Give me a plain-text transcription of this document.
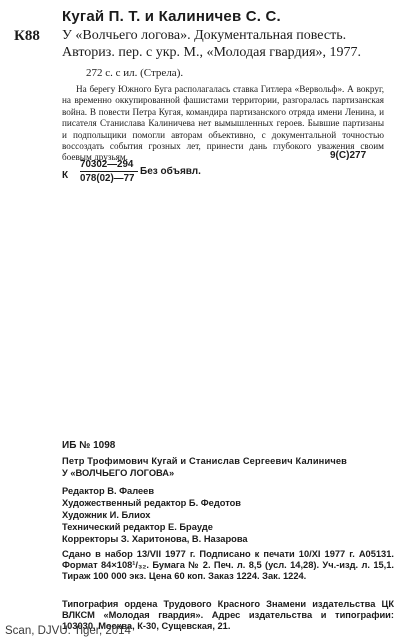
Кугай П. Т. и Калиничев С. С.
К88 У «Волчьего логова». Документальная повесть. Авториз. пер. с укр. М., «Молодая гвардия», 1977.
272 с. с ил. (Стрела).
На берегу Южного Буга располагалась ставка Гитлера «Вервольф». А вокруг, на временно оккупированной фашистами территории, разгоралась партизанская война. В повести Петра Кугая, командира партизанского отряда имени Ленина, и писателя Станислава Калиничева нет вымышленных героев. Бывшие партизаны и подпольщики помогли авторам объективно, с документальной точностью воссоздать события грозных лет, принести дань глубокого уважения своим боевым друзьям.	9(С)277
К
70302—294
078(02)—77
Без объявл.
ИБ № 1098
Петр Трофимович Кугай и Станислав Сергеевич Калиничев
У «ВОЛЧЬЕГО ЛОГОВА»
Редактор В. Фалеев
Художественный редактор Б. Федотов
Художник И. Блиох
Технический редактор Е. Брауде
Корректоры З. Харитонова, В. Назарова
Сдано в набор 13/VII 1977 г. Подписано к печати 10/XI 1977 г. А05131. Формат 84×108¹/₃₂. Бумага № 2. Печ. л. 8,5 (усл. 14,28). Уч.-изд. л. 15,1. Тираж 100 000 экз. Цена 60 коп. Заказ 1224. Зак. 1224.
Типография ордена Трудового Красного Знамени издательства ЦК ВЛКСМ «Молодая гвардия». Адрес издательства и типографии: 103030, Москва, К-30, Сущевская, 21.
Scan, DJVU: Tiger, 2014
